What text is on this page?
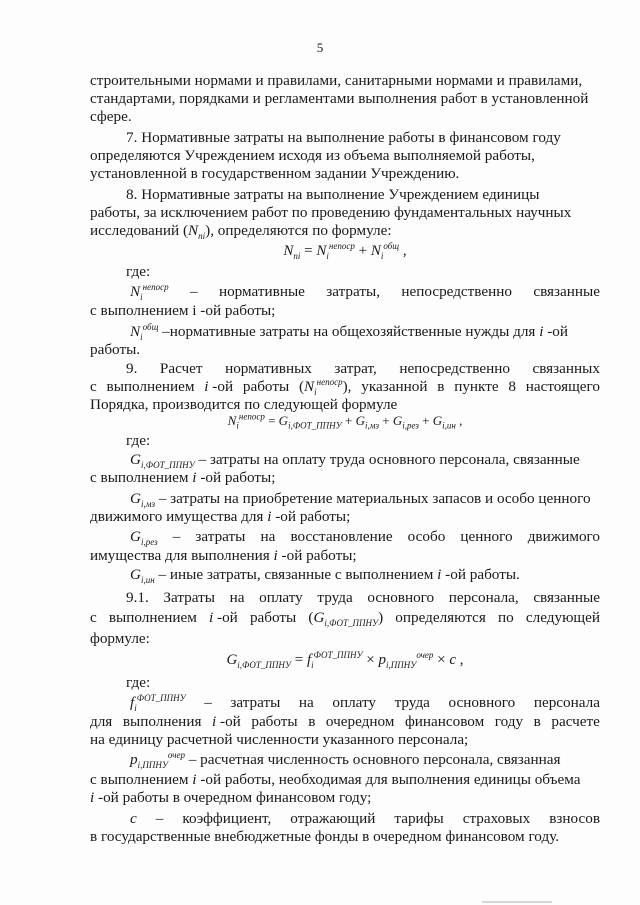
5
строительными нормами и правилами, санитарными нормами и правилами,
стандартами, порядками и регламентами выполнения работ в установленной
сфере.
7. Нормативные затраты на выполнение работы в финансовом году
определяются Учреждением исходя из объема выполняемой работы,
установленной в государственном задании Учреждению.
8. Нормативные затраты на выполнение Учреждением единицы
работы, за исключением работ по проведению фундаментальных научных
исследований $(N_{ni})$, определяются по формуле:
$N_{ni} = N_i^{непоср} + N_i^{общ}$ ,
где:
$N_i^{непоср}$ – нормативные затраты, непосредственно связанные
с выполнением i -ой работы;
$N_i^{общ}$ –нормативные затраты на общехозяйственные нужды для i -ой
работы.
9. Расчет нормативных затрат, непосредственно связанных
с выполнением i -ой работы $(N_i^{непоср})$, указанной в пункте 8 настоящего
Порядка, производится по следующей формуле
$N_i^{непоср} = G_{i,ФОТ\_ППНУ} + G_{i,мз} + G_{i,рез} + G_{i,ин}$ ,
где:
$G_{i,ФОТ\_ППНУ}$ – затраты на оплату труда основного персонала, связанные
с выполнением i -ой работы;
$G_{i,мз}$ – затраты на приобретение материальных запасов и особо ценного
движимого имущества для i -ой работы;
$G_{i,рез}$ – затраты на восстановление особо ценного движимого
имущества для выполнения i -ой работы;
$G_{i,ин}$ – иные затраты, связанные с выполнением i -ой работы.
9.1. Затраты на оплату труда основного персонала, связанные
с выполнением i -ой работы $(G_{i,ФОТ\_ППНУ})$ определяются по следующей
формуле:
$G_{i,ФОТ\_ППНУ} = f_i^{ФОТ\_ППНУ} \times p_{i,ППНУ}^{очер} \times c$ ,
где:
$f_i^{ФОТ\_ППНУ}$ – затраты на оплату труда основного персонала
для выполнения i -ой работы в очередном финансовом году в расчете
на единицу расчетной численности указанного персонала;
$p_{i,ППНУ}^{очер}$ – расчетная численность основного персонала, связанная
с выполнением i -ой работы, необходимая для выполнения единицы объема
i -ой работы в очередном финансовом году;
c – коэффициент, отражающий тарифы страховых взносов
в государственные внебюджетные фонды в очередном финансовом году.
